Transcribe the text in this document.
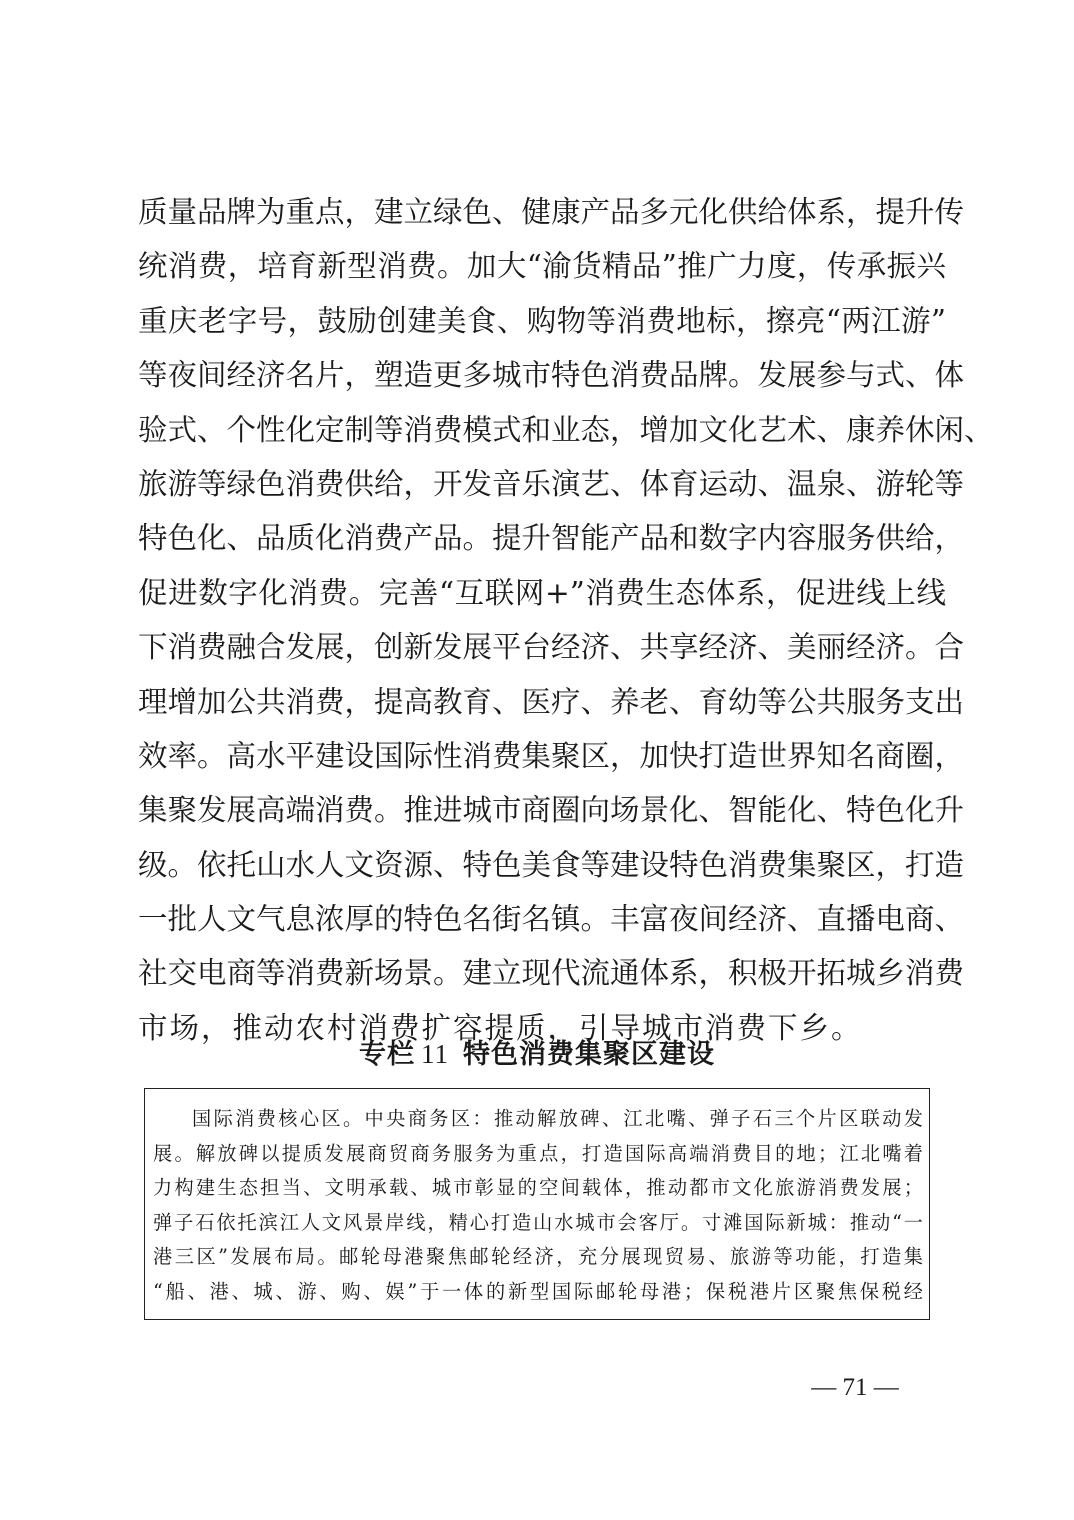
质量品牌为重点，建立绿色、健康产品多元化供给体系，提升传
统消费，培育新型消费。加大“渝货精品”推广力度，传承振兴
重庆老字号，鼓励创建美食、购物等消费地标，擦亮“两江游”
等夜间经济名片，塑造更多城市特色消费品牌。发展参与式、体
验式、个性化定制等消费模式和业态，增加文化艺术、康养休闲、
旅游等绿色消费供给，开发音乐演艺、体育运动、温泉、游轮等
特色化、品质化消费产品。提升智能产品和数字内容服务供给，
促进数字化消费。完善“互联网+”消费生态体系，促进线上线
下消费融合发展，创新发展平台经济、共享经济、美丽经济。合
理增加公共消费，提高教育、医疗、养老、育幼等公共服务支出
效率。高水平建设国际性消费集聚区，加快打造世界知名商圈，
集聚发展高端消费。推进城市商圈向场景化、智能化、特色化升
级。依托山水人文资源、特色美食等建设特色消费集聚区，打造
一批人文气息浓厚的特色名街名镇。丰富夜间经济、直播电商、
社交电商等消费新场景。建立现代流通体系，积极开拓城乡消费
市场，推动农村消费扩容提质，引导城市消费下乡。
专栏 11 特色消费集聚区建设
国际消费核心区。中央商务区：推动解放碑、江北嘴、弹子石三个片区联动发
展。解放碑以提质发展商贸商务服务为重点，打造国际高端消费目的地；江北嘴着
力构建生态担当、文明承载、城市彰显的空间载体，推动都市文化旅游消费发展；
弹子石依托滨江人文风景岸线，精心打造山水城市会客厅。寸滩国际新城：推动“一
港三区”发展布局。邮轮母港聚焦邮轮经济，充分展现贸易、旅游等功能，打造集
“船、港、城、游、购、娱”于一体的新型国际邮轮母港；保税港片区聚焦保税经
— 71 —
